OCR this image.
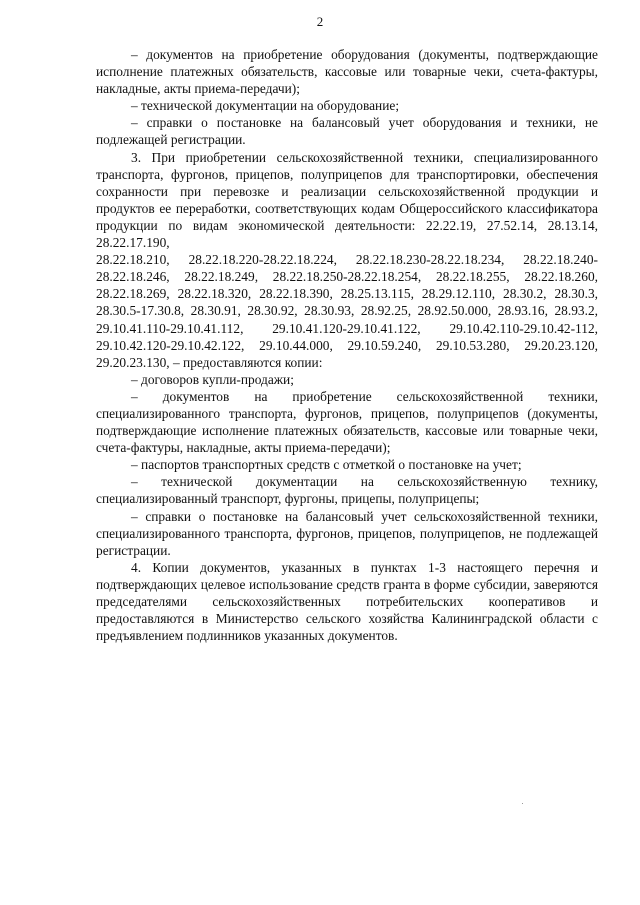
2

– документов на приобретение оборудования (документы, подтверждающие исполнение платежных обязательств, кассовые или товарные чеки, счета-фактуры, накладные, акты приема-передачи);

– технической документации на оборудование;

– справки о постановке на балансовый учет оборудования и техники, не подлежащей регистрации.

3. При приобретении сельскохозяйственной техники, специализированного транспорта, фургонов, прицепов, полуприцепов для транспортировки, обеспечения сохранности при перевозке и реализации сельскохозяйственной продукции и продуктов ее переработки, соответствующих кодам Общероссийского классификатора продукции по видам экономической деятельности: 22.22.19, 27.52.14, 28.13.14, 28.22.17.190,

28.22.18.210, 28.22.18.220-28.22.18.224, 28.22.18.230-28.22.18.234, 28.22.18.240-28.22.18.246, 28.22.18.249, 28.22.18.250-28.22.18.254, 28.22.18.255, 28.22.18.260, 28.22.18.269, 28.22.18.320, 28.22.18.390, 28.25.13.115, 28.29.12.110, 28.30.2, 28.30.3, 28.30.5-17.30.8, 28.30.91, 28.30.92, 28.30.93, 28.92.25, 28.92.50.000, 28.93.16, 28.93.2, 29.10.41.110-29.10.41.112, 29.10.41.120-29.10.41.122, 29.10.42.110-29.10.42-112, 29.10.42.120-29.10.42.122, 29.10.44.000, 29.10.59.240, 29.10.53.280, 29.20.23.120,

29.20.23.130, – предоставляются копии:

– договоров купли-продажи;

– документов на приобретение сельскохозяйственной техники, специализированного транспорта, фургонов, прицепов, полуприцепов (документы, подтверждающие исполнение платежных обязательств, кассовые или товарные чеки, счета-фактуры, накладные, акты приема-передачи);

– паспортов транспортных средств с отметкой о постановке на учет;

– технической документации на сельскохозяйственную технику, специализированный транспорт, фургоны, прицепы, полуприцепы;

– справки о постановке на балансовый учет сельскохозяйственной техники, специализированного транспорта, фургонов, прицепов, полуприцепов, не подлежащей регистрации.

4. Копии документов, указанных в пунктах 1-3 настоящего перечня и подтверждающих целевое использование средств гранта в форме субсидии, заверяются председателями сельскохозяйственных потребительских кооперативов и предоставляются в Министерство сельского хозяйства Калининградской области с предъявлением подлинников указанных документов.
